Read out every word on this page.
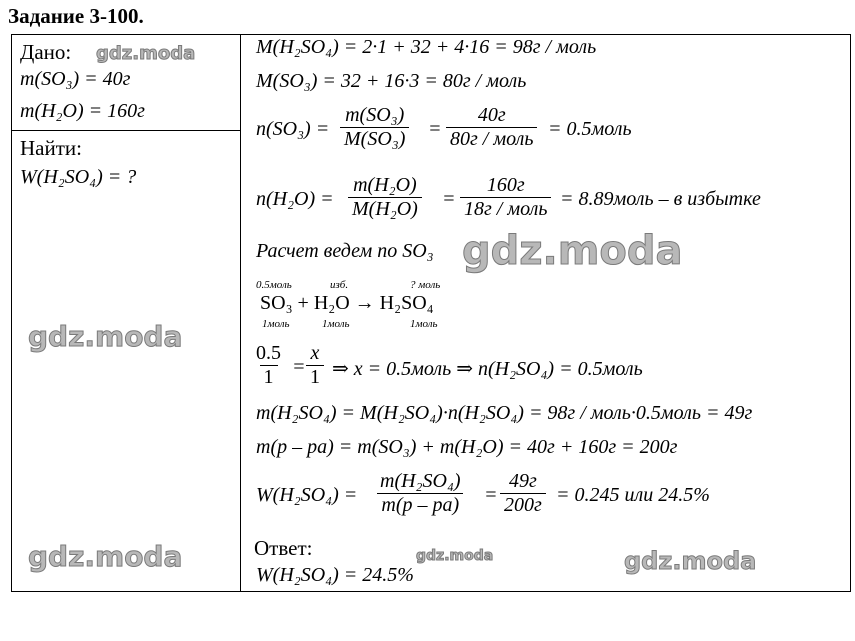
Задание 3-100.
Дано:
m(SO₃) = 40г
m(H₂O) = 160г
Найти:
W(H₂SO₄) = ?
M(H₂SO₄) = 2·1 + 32 + 4·16 = 98г / моль
M(SO₃) = 32 + 16·3 = 80г / моль
$n(SO_3) = \frac{\text{m(SO₃)}}{\text{M(SO₃)}}$ =
40г
80г / моль = 0.5моль
$n(H_2O) = \frac{\text{m(H₂O)}}{\text{M(H₂O)}}$ =
160г
18г / моль = 8.89моль – в избытке
Расчет ведем по SO₃
0.5моль	изб.	? моль
SO₃ + H₂O → H₂SO₄
1моль	1моль	1моль
$\frac{0.5}{1} = \frac{x}{1}$ ⇒ x = 0.5моль ⇒ n(H₂SO₄) = 0.5моль
m(H₂SO₄) = M(H₂SO₄)·n(H₂SO₄) = 98г / моль·0.5моль = 49г
m(р – ра) = m(SO₃) + m(H₂O) = 40г + 160г = 200г
W(H₂SO₄) =
m(H₂SO₄)
m(р – ра) =
49г
200г = 0.245 или 24.5%
Ответ:
W(H₂SO₄) = 24.5%
gdz.moda
gdz.moda
gdz.moda
gdz.moda	gdz.moda	gdz.moda
